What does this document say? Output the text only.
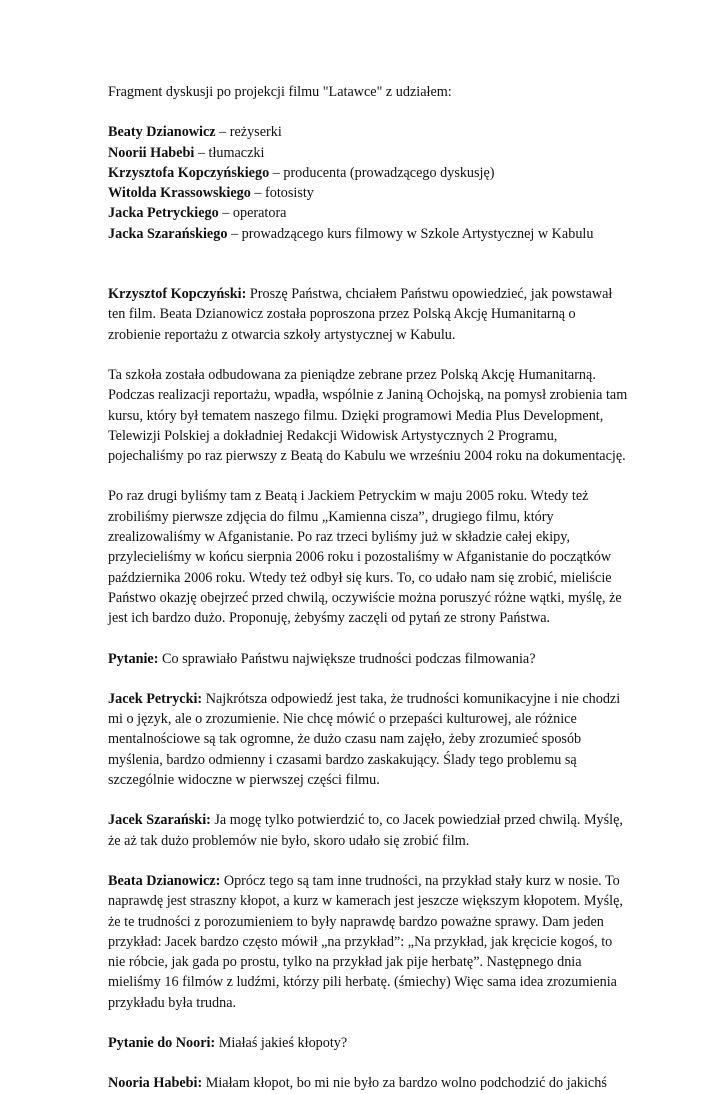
Fragment dyskusji po projekcji filmu "Latawce" z udziałem:

Beaty Dzianowicz – reżyserki
Noorii Habebi – tłumaczki
Krzysztofa Kopczyńskiego – producenta (prowadzącego dyskusję)
Witolda Krassowskiego – fotosisty
Jacka Petryckiego – operatora
Jacka Szarańskiego – prowadzącego kurs filmowy w Szkole Artystycznej w Kabulu

Krzysztof Kopczyński: Proszę Państwa, chciałem Państwu opowiedzieć, jak powstawał ten film. Beata Dzianowicz została poproszona przez Polską Akcję Humanitarną o zrobienie reportażu z otwarcia szkoły artystycznej w Kabulu.

Ta szkoła została odbudowana za pieniądze zebrane przez Polską Akcję Humanitarną. Podczas realizacji reportażu, wpadła, wspólnie z Janiną Ochojską, na pomysł zrobienia tam kursu, który był tematem naszego filmu. Dzięki programowi Media Plus Development, Telewizji Polskiej a dokładniej Redakcji Widowisk Artystycznych 2 Programu, pojechaliśmy po raz pierwszy z Beatą do Kabulu we wrześniu 2004 roku na dokumentację.

Po raz drugi byliśmy tam z Beatą i Jackiem Petryckim w maju 2005 roku. Wtedy też zrobiliśmy pierwsze zdjęcia do filmu „Kamienna cisza”, drugiego filmu, który zrealizowaliśmy w Afganistanie. Po raz trzeci byliśmy już w składzie całej ekipy, przylecieliśmy w końcu sierpnia 2006 roku i pozostaliśmy w Afganistanie do początków października 2006 roku. Wtedy też odbył się kurs. To, co udało nam się zrobić, mieliście Państwo okazję obejrzeć przed chwilą, oczywiście można poruszyć różne wątki, myślę, że jest ich bardzo dużo. Proponuję, żebyśmy zaczęli od pytań ze strony Państwa.

Pytanie: Co sprawiało Państwu największe trudności podczas filmowania?

Jacek Petrycki: Najkrótsza odpowiedź jest taka, że trudności komunikacyjne i nie chodzi mi o język, ale o zrozumienie. Nie chcę mówić o przepaści kulturowej, ale różnice mentalnościowe są tak ogromne, że dużo czasu nam zajęło, żeby zrozumieć sposób myślenia, bardzo odmienny i czasami bardzo zaskakujący. Ślady tego problemu są szczególnie widoczne w pierwszej części filmu.

Jacek Szarański: Ja mogę tylko potwierdzić to, co Jacek powiedział przed chwilą. Myślę, że aż tak dużo problemów nie było, skoro udało się zrobić film.

Beata Dzianowicz: Oprócz tego są tam inne trudności, na przykład stały kurz w nosie. To naprawdę jest straszny kłopot, a kurz w kamerach jest jeszcze większym kłopotem. Myślę, że te trudności z porozumieniem to były naprawdę bardzo poważne sprawy. Dam jeden przykład: Jacek bardzo często mówił „na przykład”: „Na przykład, jak kręcicie kogoś, to nie róbcie, jak gada po prostu, tylko na przykład jak pije herbatę”. Następnego dnia mieliśmy 16 filmów z ludźmi, którzy pili herbatę. (śmiechy) Więc sama idea zrozumienia przykładu była trudna.

Pytanie do Noori: Miałaś jakieś kłopoty?

Nooria Habebi: Miałam kłopot, bo mi nie było za bardzo wolno podchodzić do jakichś
